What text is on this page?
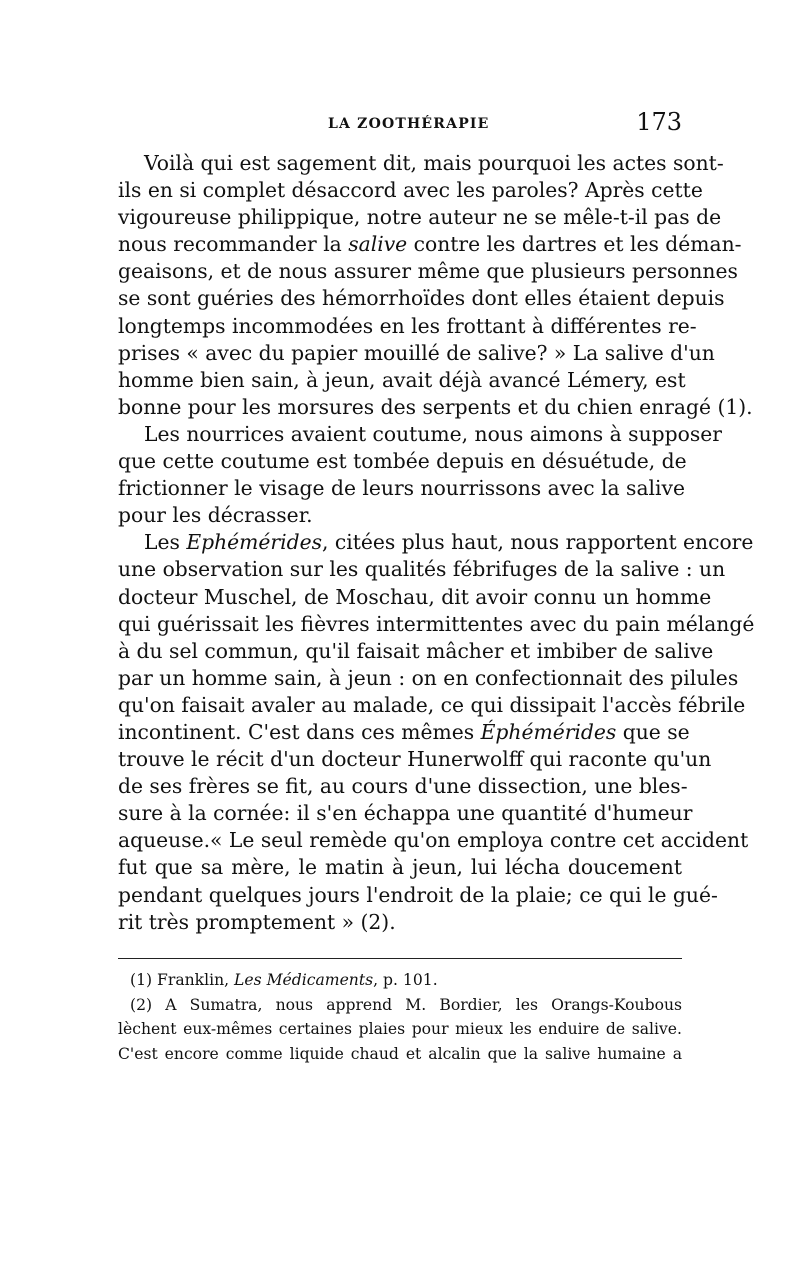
LA ZOOTHÉRAPIE	173
Voilà qui est sagement dit, mais pourquoi les actes sont-
ils en si complet désaccord avec les paroles? Après cette
vigoureuse philippique, notre auteur ne se mêle-t-il pas de
nous recommander la salive contre les dartres et les déman-
geaisons, et de nous assurer même que plusieurs personnes
se sont guéries des hémorrhoïdes dont elles étaient depuis
longtemps incommodées en les frottant à différentes re-
prises « avec du papier mouillé de salive? » La salive d'un
homme bien sain, à jeun, avait déjà avancé Lémery, est
bonne pour les morsures des serpents et du chien enragé (1).
Les nourrices avaient coutume, nous aimons à supposer
que cette coutume est tombée depuis en désuétude, de
frictionner le visage de leurs nourrissons avec la salive
pour les décrasser.
Les Ephémérides, citées plus haut, nous rapportent encore
une observation sur les qualités fébrifuges de la salive : un
docteur Muschel, de Moschau, dit avoir connu un homme
qui guérissait les fièvres intermittentes avec du pain mélangé
à du sel commun, qu'il faisait mâcher et imbiber de salive
par un homme sain, à jeun : on en confectionnait des pilules
qu'on faisait avaler au malade, ce qui dissipait l'accès fébrile
incontinent. C'est dans ces mêmes Éphémérides que se
trouve le récit d'un docteur Hunerwolff qui raconte qu'un
de ses frères se fit, au cours d'une dissection, une bles-
sure à la cornée: il s'en échappa une quantité d'humeur
aqueuse.« Le seul remède qu'on employa contre cet accident
fut que sa mère, le matin à jeun, lui lécha doucement
pendant quelques jours l'endroit de la plaie; ce qui le gué-
rit très promptement » (2).
(1) Franklin, Les Médicaments, p. 101.
(2) A Sumatra, nous apprend M. Bordier, les Orangs-Koubous
lèchent eux-mêmes certaines plaies pour mieux les enduire de salive.
C'est encore comme liquide chaud et alcalin que la salive humaine a
